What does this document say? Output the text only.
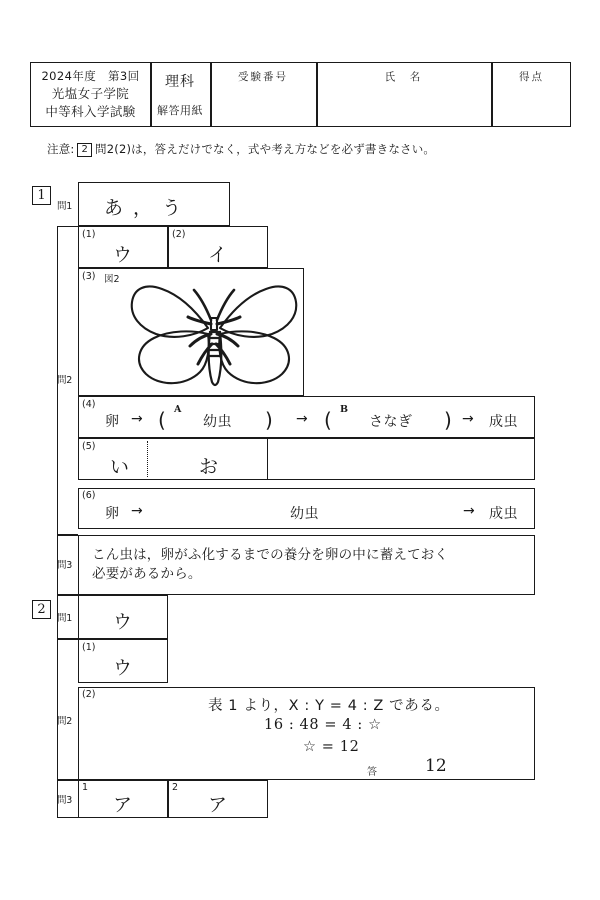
2024年度　第3回
光塩女子学院
中等科入学試験
理科
解答用紙
受験番号	氏　名	得点
注意: 2 問2(2)は，答えだけでなく，式や考え方などを必ず書きなさい。
1
問1 あ ， う
問2
(1)
ウ
(2)
イ
(3) 図2
(4)
卵 → ( A
幼虫 ) → ( B
さなぎ ) → 成虫
(5)
い	お
(6)
卵 →	幼虫	→ 成虫
問3
こん虫は，卵がふ化するまでの養分を卵の中に蓄えておく
必要があるから。
2
問1 ウ
問2
(1)
ウ
(2)
表 1 より，X : Y = 4 : Z である。
16 : 48 = 4 : ☆
☆ = 12
答	12
問3
1
ア
2
ア
